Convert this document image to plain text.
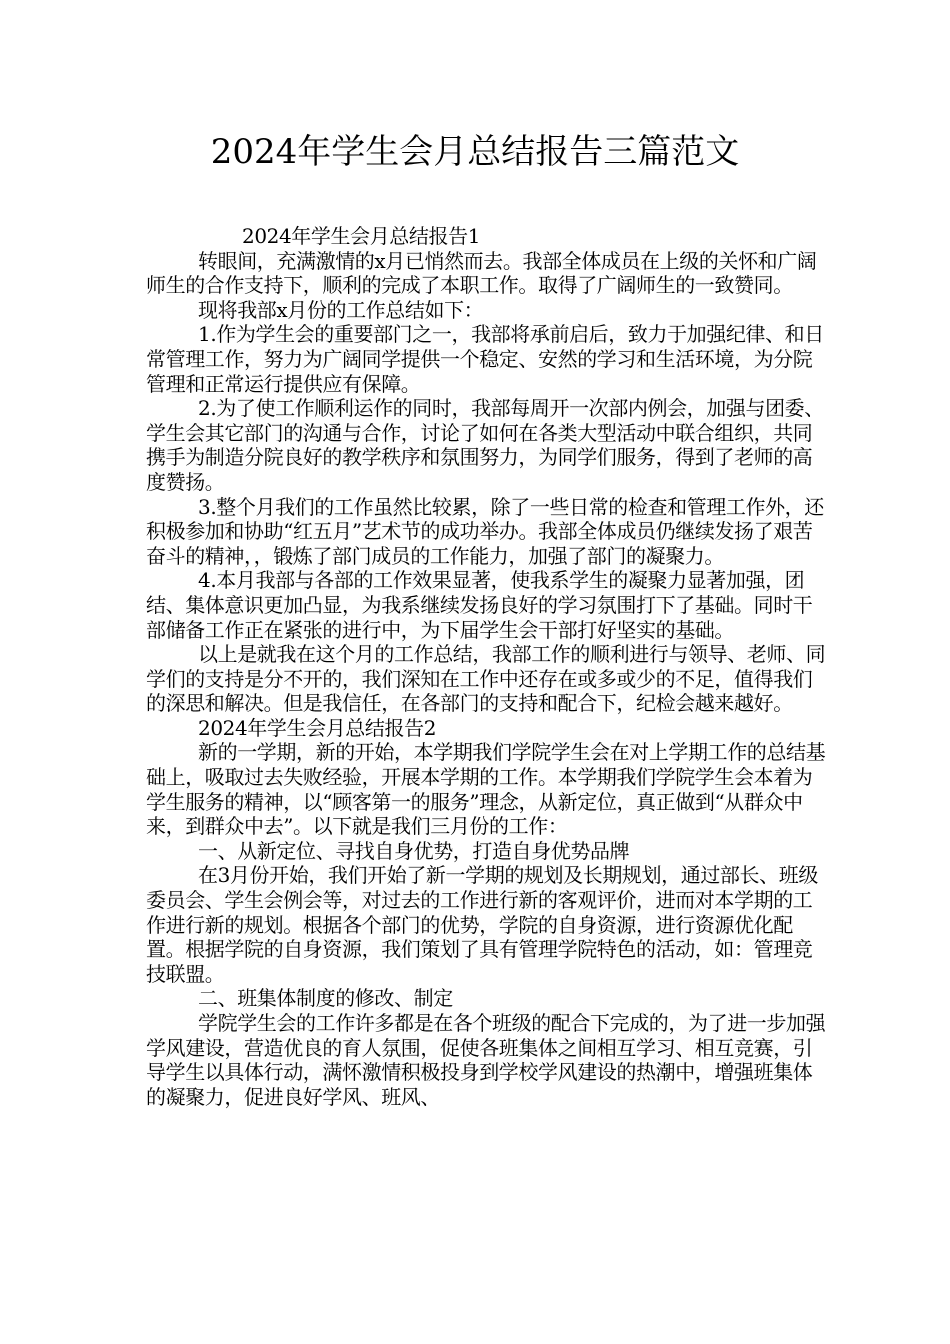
2024年学生会月总结报告三篇范文

2024年学生会月总结报告1

转眼间，充满激情的x月已悄然而去。我部全体成员在上级的关怀和广阔师生的合作支持下，顺利的完成了本职工作。取得了广阔师生的一致赞同。

现将我部x月份的工作总结如下：

1.作为学生会的重要部门之一，我部将承前启后，致力于加强纪律、和日常管理工作，努力为广阔同学提供一个稳定、安然的学习和生活环境，为分院管理和正常运行提供应有保障。

2.为了使工作顺利运作的同时，我部每周开一次部内例会，加强与团委、学生会其它部门的沟通与合作，讨论了如何在各类大型活动中联合组织，共同携手为制造分院良好的教学秩序和氛围努力，为同学们服务，得到了老师的高度赞扬。

3.整个月我们的工作虽然比较累，除了一些日常的检查和管理工作外，还积极参加和协助“红五月”艺术节的成功举办。我部全体成员仍继续发扬了艰苦奋斗的精神，，锻炼了部门成员的工作能力，加强了部门的凝聚力。

4.本月我部与各部的工作效果显著，使我系学生的凝聚力显著加强，团结、集体意识更加凸显，为我系继续发扬良好的学习氛围打下了基础。同时干部储备工作正在紧张的进行中，为下届学生会干部打好坚实的基础。

以上是就我在这个月的工作总结，我部工作的顺利进行与领导、老师、同学们的支持是分不开的，我们深知在工作中还存在或多或少的不足，值得我们的深思和解决。但是我信任，在各部门的支持和配合下，纪检会越来越好。2024年学生会月总结报告2

新的一学期，新的开始，本学期我们学院学生会在对上学期工作的总结基础上，吸取过去失败经验，开展本学期的工作。本学期我们学院学生会本着为学生服务的精神，以“顾客第一的服务”理念，从新定位，真正做到“从群众中来，到群众中去”。以下就是我们三月份的工作：

一、从新定位、寻找自身优势，打造自身优势品牌

在3月份开始，我们开始了新一学期的规划及长期规划，通过部长、班级委员会、学生会例会等，对过去的工作进行新的客观评价，进而对本学期的工作进行新的规划。根据各个部门的优势，学院的自身资源，进行资源优化配置。根据学院的自身资源，我们策划了具有管理学院特色的活动，如：管理竞技联盟。

二、班集体制度的修改、制定

学院学生会的工作许多都是在各个班级的配合下完成的，为了进一步加强学风建设，营造优良的育人氛围，促使各班集体之间相互学习、相互竞赛，引导学生以具体行动，满怀激情积极投身到学校学风建设的热潮中，增强班集体的凝聚力，促进良好学风、班风、
